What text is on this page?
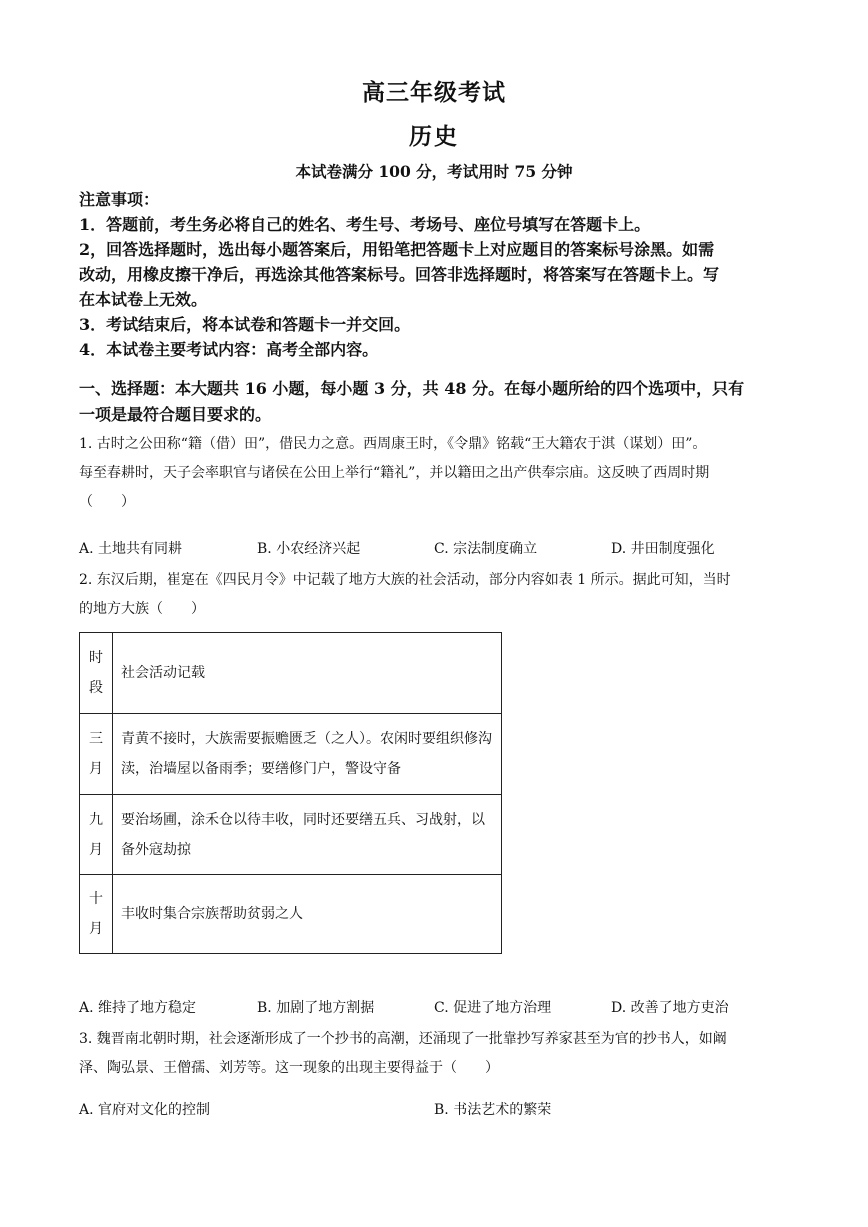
高三年级考试
历史
本试卷满分 100 分，考试用时 75 分钟

注意事项：

1．答题前，考生务必将自己的姓名、考生号、考场号、座位号填写在答题卡上。

2，回答选择题时，选出每小题答案后，用铅笔把答题卡上对应题目的答案标号涂黑。如需

改动，用橡皮擦干净后，再选涂其他答案标号。回答非选择题时，将答案写在答题卡上。写

在本试卷上无效。

3．考试结束后，将本试卷和答题卡一并交回。

4．本试卷主要考试内容：高考全部内容。

一、选择题：本大题共 16 小题，每小题 3 分，共 48 分。在每小题所给的四个选项中，只有

一项是最符合题目要求的。

1. 古时之公田称“籍（借）田”，借民力之意。西周康王时，《令鼎》铭载“王大籍农于淇（谋划）田”。

每至春耕时，天子会率职官与诸侯在公田上举行“籍礼”，并以籍田之出产供奉宗庙。这反映了西周时期

（　　）

A. 土地共有同耕	B. 小农经济兴起	C. 宗法制度确立	D. 井田制度强化

2. 东汉后期，崔寔在《四民月令》中记载了地方大族的社会活动，部分内容如表 1 所示。据此可知，当时

的地方大族（　　）

时段	社会活动记载
三月	青黄不接时，大族需要振赡匮乏（之人）。农闲时要组织修沟渎，治墙屋以备雨季；要缮修门户，警设守备
九月	要治场圃，涂禾仓以待丰收，同时还要缮五兵、习战射，以备外寇劫掠
十月	丰收时集合宗族帮助贫弱之人
A. 维持了地方稳定	B. 加剧了地方割据	C. 促进了地方治理	D. 改善了地方吏治

3. 魏晋南北朝时期，社会逐渐形成了一个抄书的高潮，还涌现了一批靠抄写养家甚至为官的抄书人，如阚

泽、陶弘景、王僧孺、刘芳等。这一现象的出现主要得益于（　　）

A. 官府对文化的控制	B. 书法艺术的繁荣
